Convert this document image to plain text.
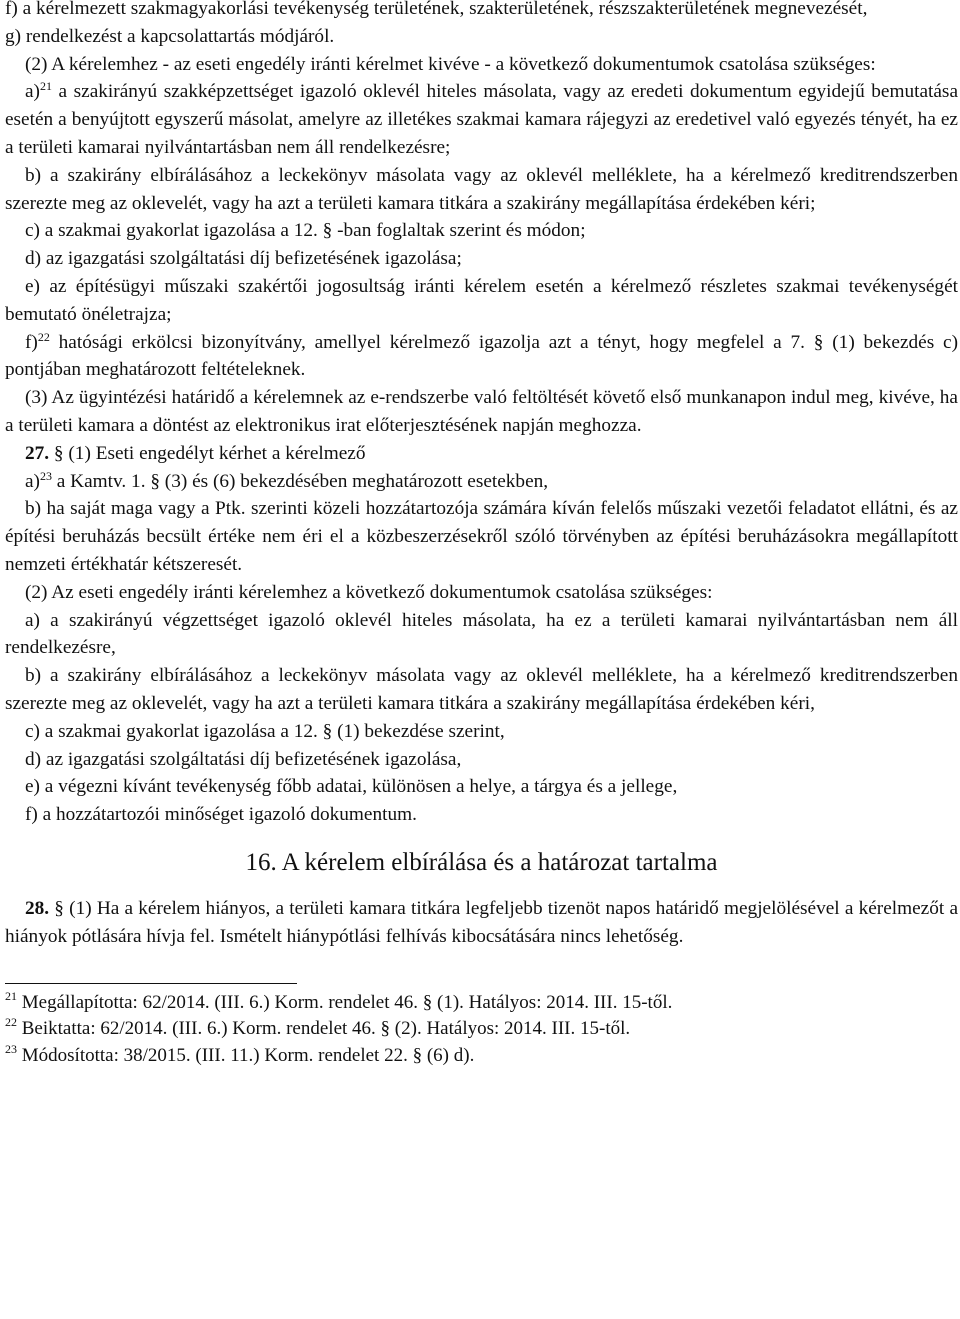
f) a kérelmezett szakmagyakorlási tevékenység területének, szakterületének, részszakterületének megnevezését,

g) rendelkezést a kapcsolattartás módjáról.

(2) A kérelemhez - az eseti engedély iránti kérelmet kivéve - a következő dokumentumok csatolása szükséges:

a)$^{21}$ a szakirányú szakképzettséget igazoló oklevél hiteles másolata, vagy az eredeti dokumentum egyidejű bemutatása esetén a benyújtott egyszerű másolat, amelyre az illetékes szakmai kamara rájegyzi az eredetivel való egyezés tényét, ha ez a területi kamarai nyilvántartásban nem áll rendelkezésre;

b) a szakirány elbírálásához a leckekönyv másolata vagy az oklevél melléklete, ha a kérelmező kreditrendszerben szerezte meg az oklevelét, vagy ha azt a területi kamara titkára a szakirány megállapítása érdekében kéri;

c) a szakmai gyakorlat igazolása a 12. § -ban foglaltak szerint és módon;

d) az igazgatási szolgáltatási díj befizetésének igazolása;

e) az építésügyi műszaki szakértői jogosultság iránti kérelem esetén a kérelmező részletes szakmai tevékenységét bemutató önéletrajza;

f)$^{22}$ hatósági erkölcsi bizonyítvány, amellyel kérelmező igazolja azt a tényt, hogy megfelel a 7. § (1) bekezdés c) pontjában meghatározott feltételeknek.

(3) Az ügyintézési határidő a kérelemnek az e-rendszerbe való feltöltését követő első munkanapon indul meg, kivéve, ha a területi kamara a döntést az elektronikus irat előterjesztésének napján meghozza.

27. § (1) Eseti engedélyt kérhet a kérelmező

a)$^{23}$ a Kamtv. 1. § (3) és (6) bekezdésében meghatározott esetekben,

b) ha saját maga vagy a Ptk. szerinti közeli hozzátartozója számára kíván felelős műszaki vezetői feladatot ellátni, és az építési beruházás becsült értéke nem éri el a közbeszerzésekről szóló törvényben az építési beruházásokra megállapított nemzeti értékhatár kétszeresét.

(2) Az eseti engedély iránti kérelemhez a következő dokumentumok csatolása szükséges:

a) a szakirányú végzettséget igazoló oklevél hiteles másolata, ha ez a területi kamarai nyilvántartásban nem áll rendelkezésre,

b) a szakirány elbírálásához a leckekönyv másolata vagy az oklevél melléklete, ha a kérelmező kreditrendszerben szerezte meg az oklevelét, vagy ha azt a területi kamara titkára a szakirány megállapítása érdekében kéri,

c) a szakmai gyakorlat igazolása a 12. § (1) bekezdése szerint,

d) az igazgatási szolgáltatási díj befizetésének igazolása,

e) a végezni kívánt tevékenység főbb adatai, különösen a helye, a tárgya és a jellege,

f) a hozzátartozói minőséget igazoló dokumentum.

16. A kérelem elbírálása és a határozat tartalma

28. § (1) Ha a kérelem hiányos, a területi kamara titkára legfeljebb tizenöt napos határidő megjelölésével a kérelmezőt a hiányok pótlására hívja fel. Ismételt hiánypótlási felhívás kibocsátására nincs lehetőség.

$^{21}$ Megállapította: 62/2014. (III. 6.) Korm. rendelet 46. § (1). Hatályos: 2014. III. 15-től.

$^{22}$ Beiktatta: 62/2014. (III. 6.) Korm. rendelet 46. § (2). Hatályos: 2014. III. 15-től.

$^{23}$ Módosította: 38/2015. (III. 11.) Korm. rendelet 22. § (6) d).
